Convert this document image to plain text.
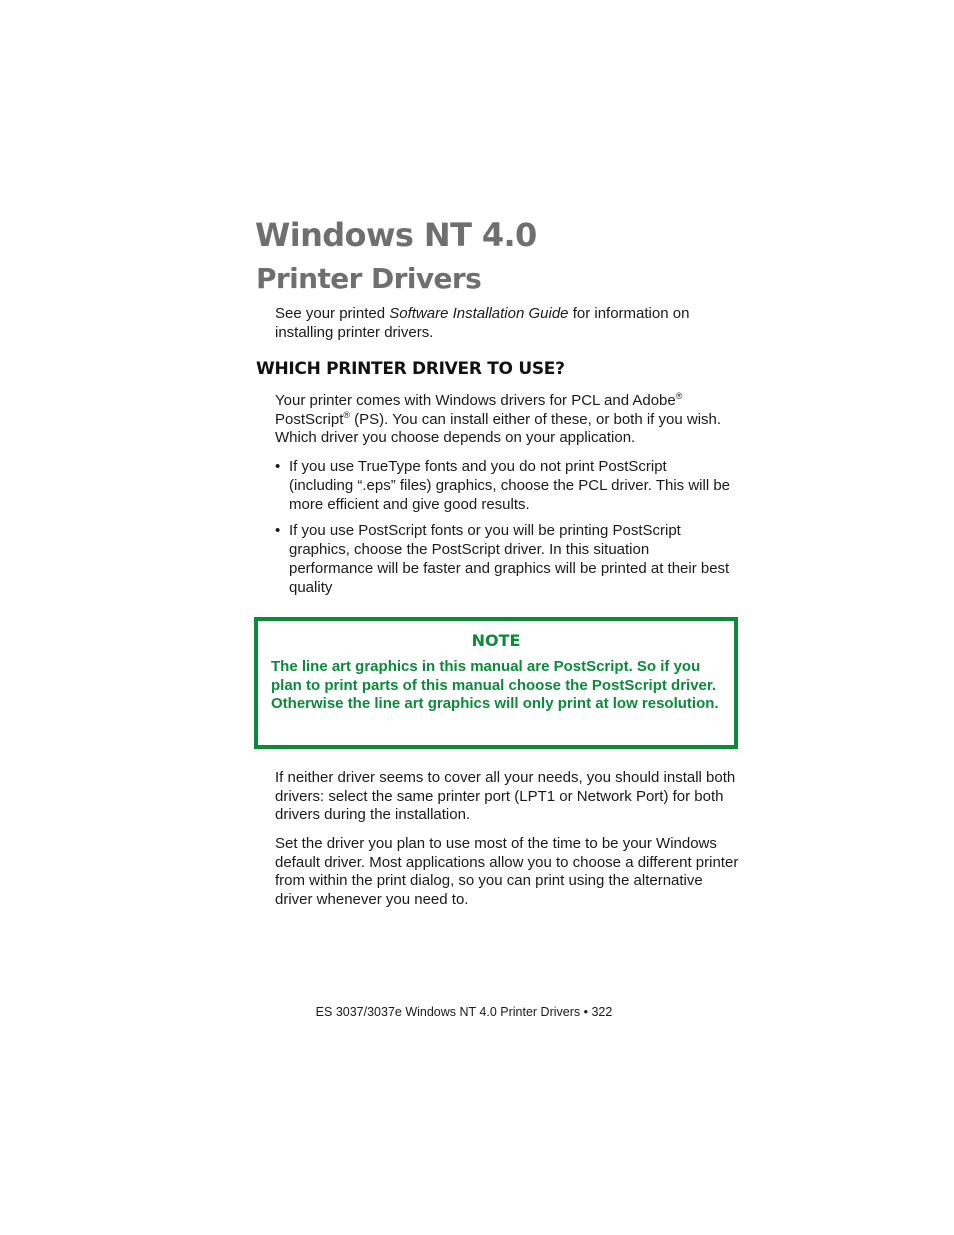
Windows NT 4.0
Printer Drivers

See your printed Software Installation Guide for information on installing printer drivers.

WHICH PRINTER DRIVER TO USE?

Your printer comes with Windows drivers for PCL and Adobe® PostScript® (PS). You can install either of these, or both if you wish. Which driver you choose depends on your application.

• If you use TrueType fonts and you do not print PostScript (including “.eps” files) graphics, choose the PCL driver. This will be more efficient and give good results.
• If you use PostScript fonts or you will be printing PostScript graphics, choose the PostScript driver. In this situation performance will be faster and graphics will be printed at their best quality

NOTE

The line art graphics in this manual are PostScript. So if you plan to print parts of this manual choose the PostScript driver. Otherwise the line art graphics will only print at low resolution.

If neither driver seems to cover all your needs, you should install both drivers: select the same printer port (LPT1 or Network Port) for both drivers during the installation.

Set the driver you plan to use most of the time to be your Windows default driver. Most applications allow you to choose a different printer from within the print dialog, so you can print using the alternative driver whenever you need to.

ES 3037/3037e Windows NT 4.0 Printer Drivers • 322
